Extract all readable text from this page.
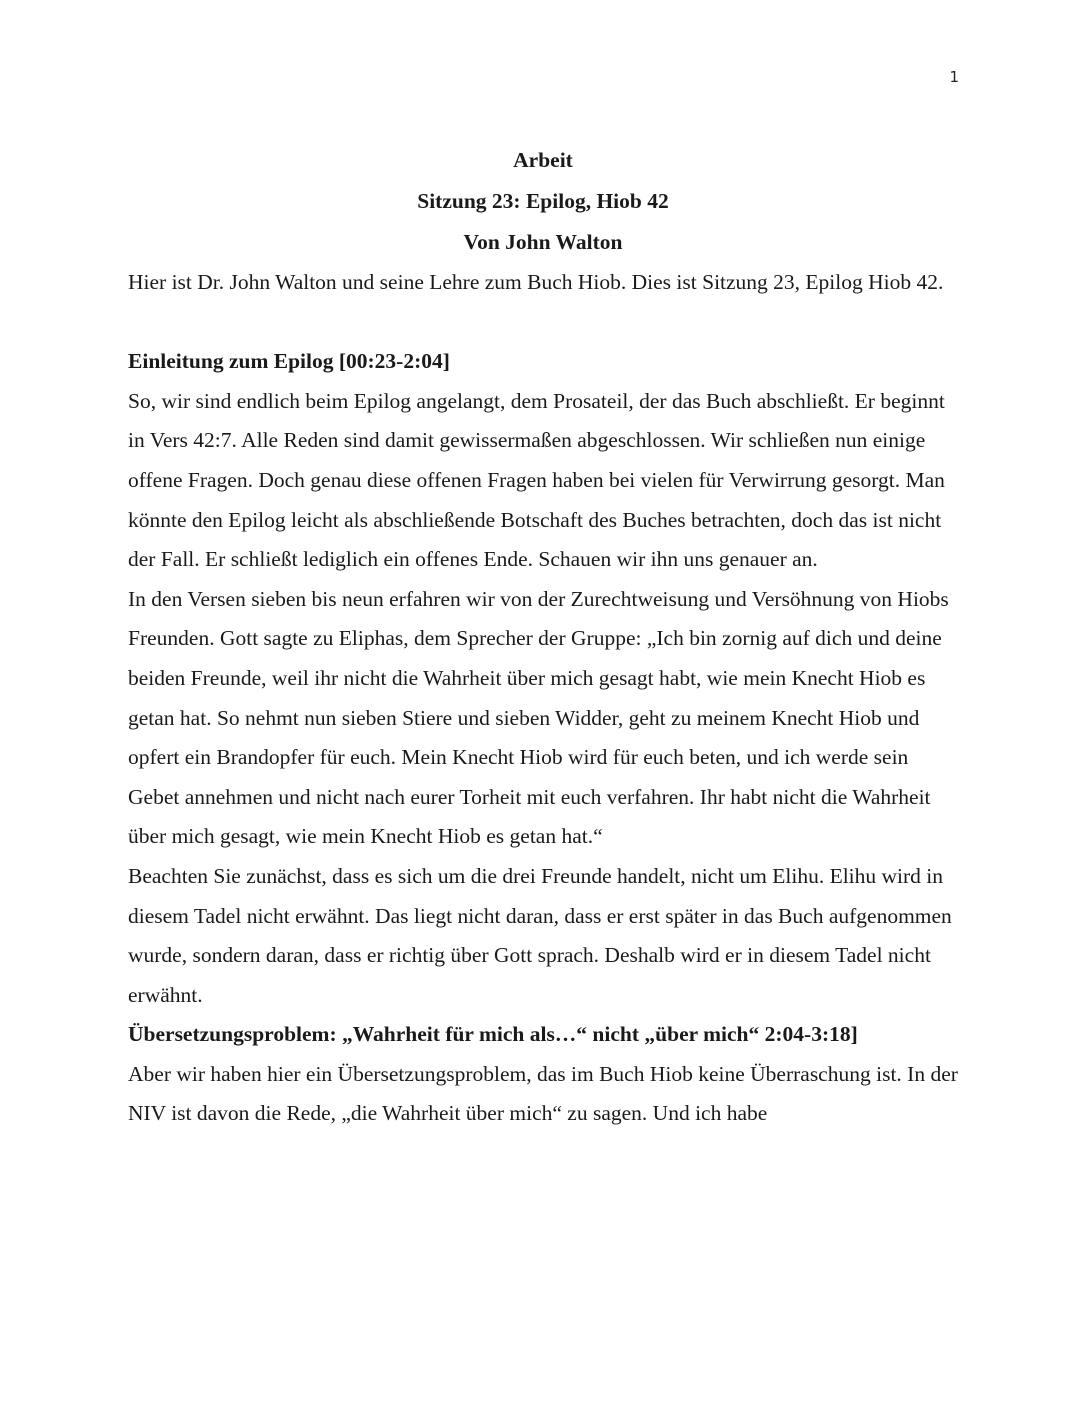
1

Arbeit

Sitzung 23: Epilog, Hiob 42

Von John Walton

Hier ist Dr. John Walton und seine Lehre zum Buch Hiob. Dies ist Sitzung 23, Epilog Hiob 42.

Einleitung zum Epilog [00:23-2:04]

So, wir sind endlich beim Epilog angelangt, dem Prosateil, der das Buch abschließt. Er beginnt in Vers 42:7. Alle Reden sind damit gewissermaßen abgeschlossen. Wir schließen nun einige offene Fragen. Doch genau diese offenen Fragen haben bei vielen für Verwirrung gesorgt. Man könnte den Epilog leicht als abschließende Botschaft des Buches betrachten, doch das ist nicht der Fall. Er schließt lediglich ein offenes Ende. Schauen wir ihn uns genauer an.

In den Versen sieben bis neun erfahren wir von der Zurechtweisung und Versöhnung von Hiobs Freunden. Gott sagte zu Eliphas, dem Sprecher der Gruppe: „Ich bin zornig auf dich und deine beiden Freunde, weil ihr nicht die Wahrheit über mich gesagt habt, wie mein Knecht Hiob es getan hat. So nehmt nun sieben Stiere und sieben Widder, geht zu meinem Knecht Hiob und opfert ein Brandopfer für euch. Mein Knecht Hiob wird für euch beten, und ich werde sein Gebet annehmen und nicht nach eurer Torheit mit euch verfahren. Ihr habt nicht die Wahrheit über mich gesagt, wie mein Knecht Hiob es getan hat.“

Beachten Sie zunächst, dass es sich um die drei Freunde handelt, nicht um Elihu. Elihu wird in diesem Tadel nicht erwähnt. Das liegt nicht daran, dass er erst später in das Buch aufgenommen wurde, sondern daran, dass er richtig über Gott sprach. Deshalb wird er in diesem Tadel nicht erwähnt.

Übersetzungsproblem: „Wahrheit für mich als…“ nicht „über mich“ 2:04-3:18]

Aber wir haben hier ein Übersetzungsproblem, das im Buch Hiob keine Überraschung ist. In der NIV ist davon die Rede, „die Wahrheit über mich“ zu sagen. Und ich habe
